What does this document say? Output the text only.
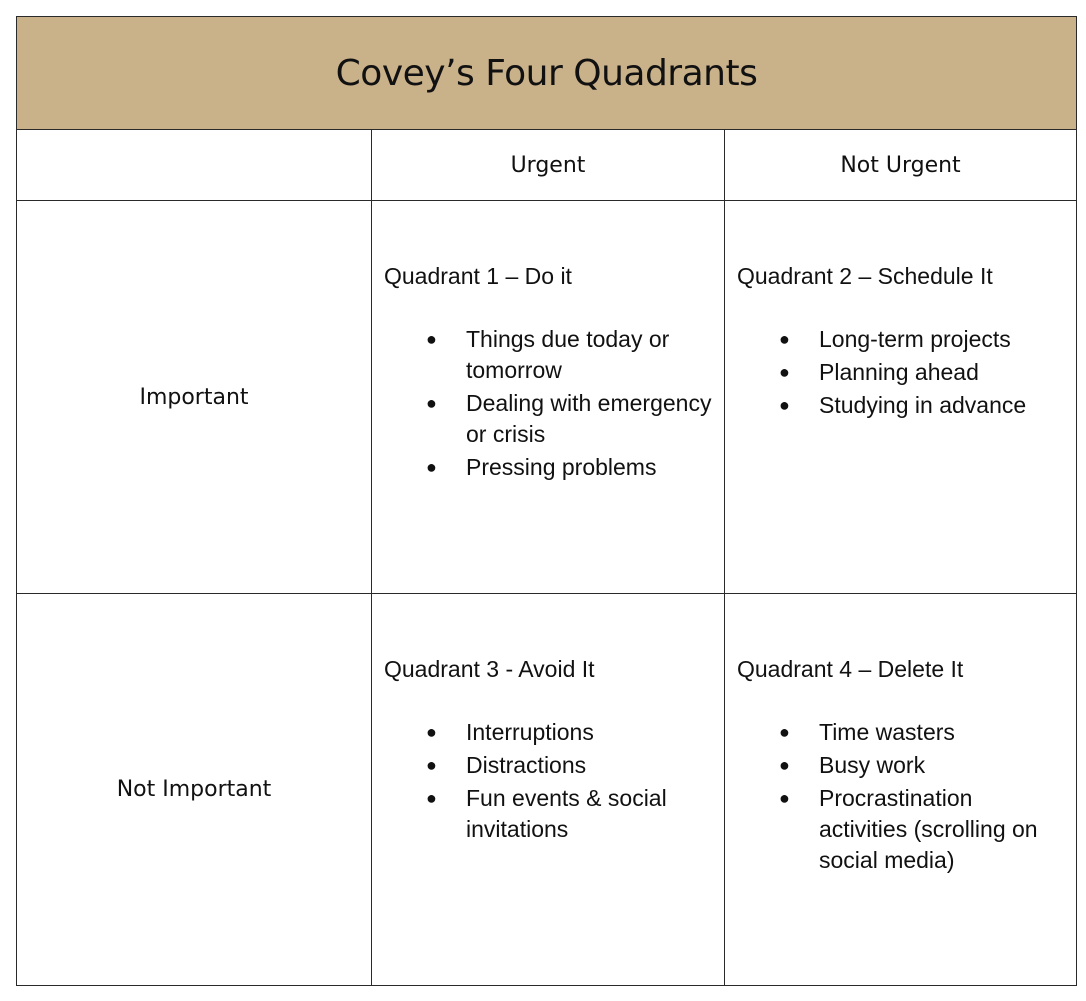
Covey’s Four Quadrants
Urgent	Not Urgent
Important
Not Important
Quadrant 1 – Do it
● Things due today or tomorrow
● Dealing with emergency or crisis
● Pressing problems
Quadrant 2 – Schedule It
● Long-term projects
● Planning ahead
● Studying in advance
Quadrant 3 - Avoid It
● Interruptions
● Distractions
● Fun events & social invitations
Quadrant 4 – Delete It
● Time wasters
● Busy work
● Procrastination activities (scrolling on social media)
